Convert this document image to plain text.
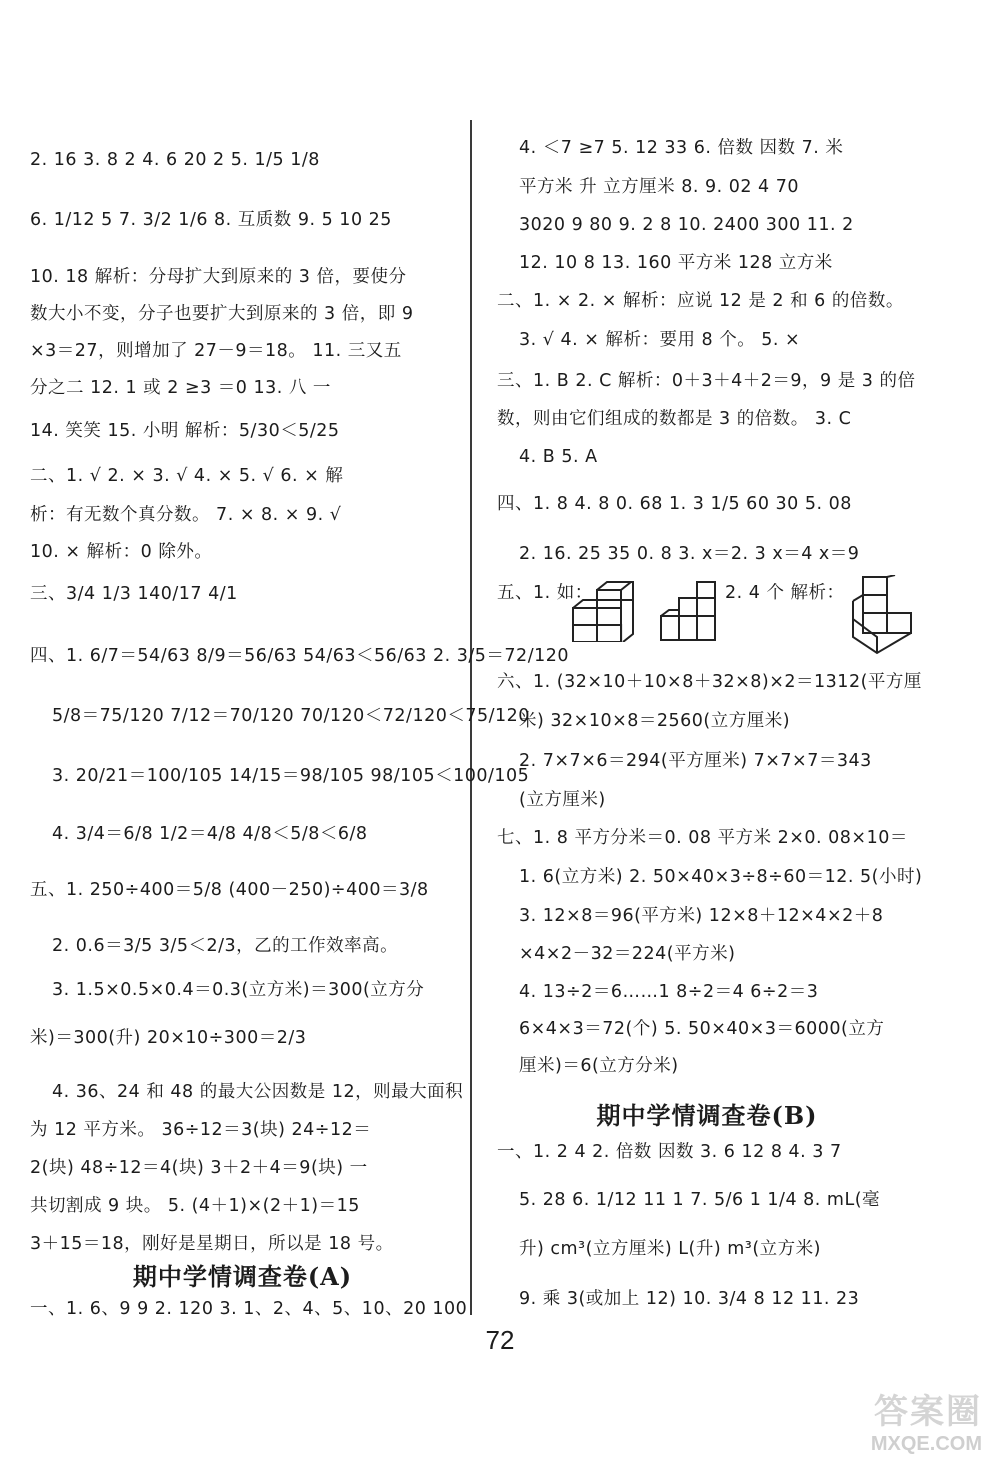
2. 16 3. 8 2 4. 6 20 2 5. 1/5 1/8
6. 1/12 5 7. 3/2 1/6 8. 互质数 9. 5 10 25
10. 18 解析：分母扩大到原来的 3 倍，要使分
数大小不变，分子也要扩大到原来的 3 倍，即 9
×3＝27，则增加了 27－9＝18。 11. 三又五
分之二 12. 1 或 2 ≥3 ＝0 13. 八 一
14. 笑笑 15. 小明 解析：5/30＜5/25
二、1. √ 2. × 3. √ 4. × 5. √ 6. × 解
析：有无数个真分数。 7. × 8. × 9. √
10. × 解析：0 除外。
三、3/4 1/3 140/17 4/1
四、1. 6/7＝54/63 8/9＝56/63 54/63＜56/63 2. 3/5＝72/120
5/8＝75/120 7/12＝70/120 70/120＜72/120＜75/120
3. 20/21＝100/105 14/15＝98/105 98/105＜100/105
4. 3/4＝6/8 1/2＝4/8 4/8＜5/8＜6/8
五、1. 250÷400＝5/8 (400－250)÷400＝3/8
2. 0.6＝3/5 3/5＜2/3，乙的工作效率高。
3. 1.5×0.5×0.4＝0.3(立方米)＝300(立方分
米)＝300(升) 20×10÷300＝2/3
4. 36、24 和 48 的最大公因数是 12，则最大面积
为 12 平方米。 36÷12＝3(块) 24÷12＝
2(块) 48÷12＝4(块) 3＋2＋4＝9(块) 一
共切割成 9 块。 5. (4＋1)×(2＋1)＝15
3＋15＝18，刚好是星期日，所以是 18 号。
期中学情调查卷(A)
一、1. 6、9 9 2. 120 3. 1、2、4、5、10、20 100
4. ＜7 ≥7 5. 12 33 6. 倍数 因数 7. 米
平方米 升 立方厘米 8. 9. 02 4 70
3020 9 80 9. 2 8 10. 2400 300 11. 2
12. 10 8 13. 160 平方米 128 立方米
二、1. × 2. × 解析：应说 12 是 2 和 6 的倍数。
3. √ 4. × 解析：要用 8 个。 5. ×
三、1. B 2. C 解析：0＋3＋4＋2＝9，9 是 3 的倍
数，则由它们组成的数都是 3 的倍数。 3. C
4. B 5. A
四、1. 8 4. 8 0. 68 1. 3 1/5 60 30 5. 08
2. 16. 25 35 0. 8 3. x＝2. 3 x＝4 x＝9
五、1. 如：	2. 4 个 解析：
六、1. (32×10＋10×8＋32×8)×2＝1312(平方厘
米) 32×10×8＝2560(立方厘米)
2. 7×7×6＝294(平方厘米) 7×7×7＝343
(立方厘米)
七、1. 8 平方分米＝0. 08 平方米 2×0. 08×10＝
1. 6(立方米) 2. 50×40×3÷8÷60＝12. 5(小时)
3. 12×8＝96(平方米) 12×8＋12×4×2＋8
×4×2－32＝224(平方米)
4. 13÷2＝6……1 8÷2＝4 6÷2＝3
6×4×3＝72(个) 5. 50×40×3＝6000(立方
厘米)＝6(立方分米)
期中学情调查卷(B)
一、1. 2 4 2. 倍数 因数 3. 6 12 8 4. 3 7
5. 28 6. 1/12 11 1 7. 5/6 1 1/4 8. mL(毫
升) cm³(立方厘米) L(升) m³(立方米)
9. 乘 3(或加上 12) 10. 3/4 8 12 11. 23
72
答案圈
MXQE.COM
